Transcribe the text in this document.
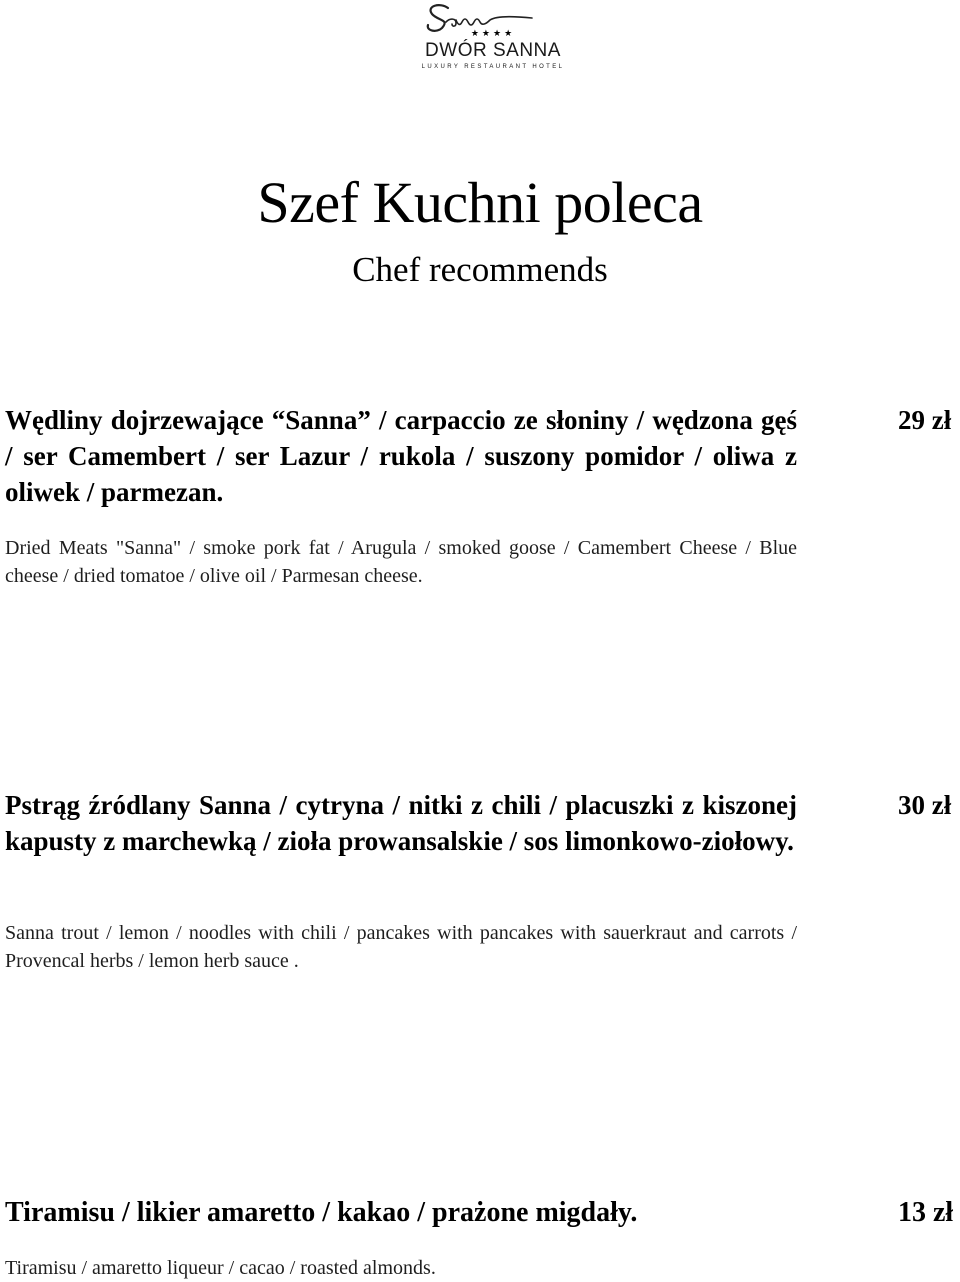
★★★★
DWÓR SANNA
LUXURY RESTAURANT HOTEL
Szef Kuchni poleca
Chef recommends

Wędliny dojrzewające “Sanna” / carpaccio ze słoniny / wędzona gęś / ser Camembert / ser Lazur / rukola / suszony pomidor / oliwa z oliwek / parmezan.

29 zł

Dried Meats "Sanna" / smoke pork fat / Arugula / smoked goose / Camembert Cheese / Blue cheese / dried tomatoe / olive oil / Parmesan cheese.

Pstrąg źródlany Sanna / cytryna / nitki z chili / placuszki z kiszonej kapusty z marchewką / zioła prowansalskie / sos limonkowo-ziołowy.

30 zł

Sanna trout / lemon / noodles with chili / pancakes with pancakes with sauerkraut and carrots / Provencal herbs / lemon herb sauce .

Tiramisu / likier amaretto / kakao / prażone migdały.	13 zł

Tiramisu / amaretto liqueur / cacao / roasted almonds.
